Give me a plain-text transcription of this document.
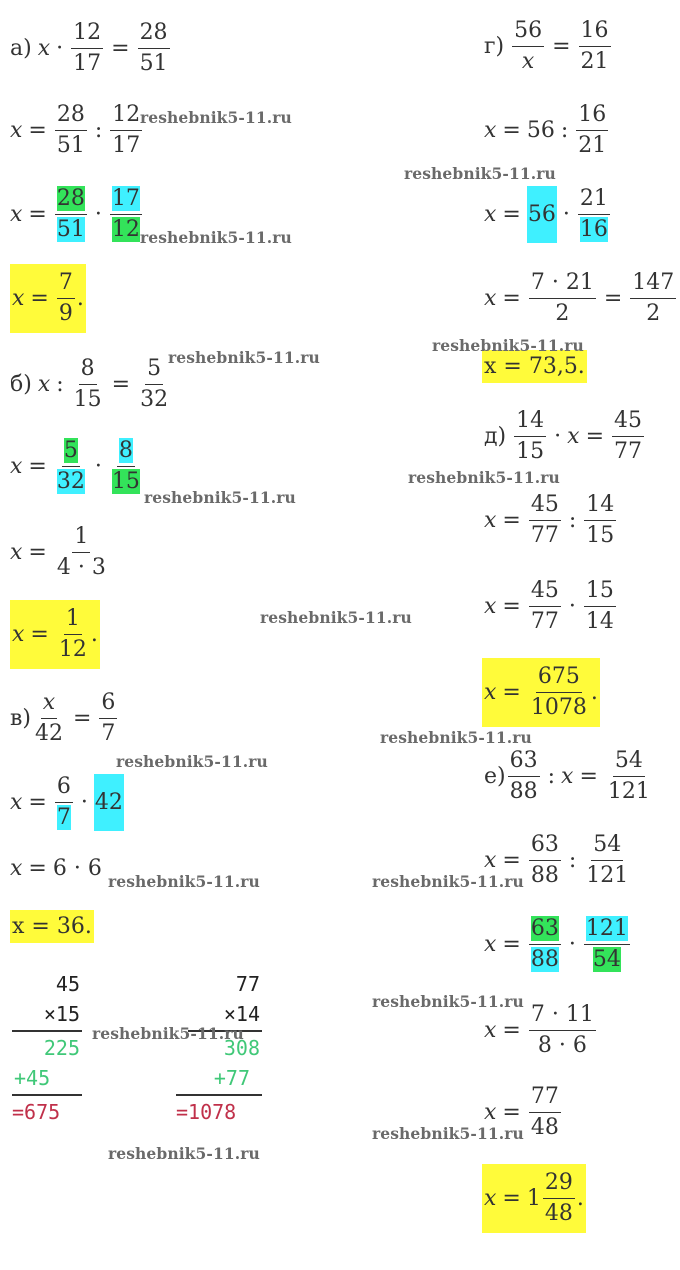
а) $x \cdot \frac{12}{17} = \frac{28}{51}$
$x = \frac{28}{51}$ : $\frac{12}{17}$
$x = \frac{28}{51} \cdot \frac{17}{12}$
$x = \frac{7}{9}$ .
б) x : $\frac{8}{15} = \frac{5}{32}$
$x = \frac{5}{32} \cdot \frac{8}{15}$
$x = \frac{1}{4 \cdot 3}$
$x = \frac{1}{12}$ .
$в) \frac{x}{42} = \frac{6}{7}$
$x = \frac{6}{7} \cdot 42$
x = 6 · 6
x = 36.
45
×15
225
+45
=675
77
×14
308
+77
=1078
$г) \frac{56}{x} = \frac{16}{21}$
x = 56 : $\frac{16}{21}$
$x = 56 \cdot \frac{21}{16}$
$x = \frac{7 \cdot 21}{2} = \frac{147}{2}$
x = 73,5.
$д) \frac{14}{15} \cdot x = \frac{45}{77}$
$x = \frac{45}{77}$ : $\frac{14}{15}$
$x = \frac{45}{77} \cdot \frac{15}{14}$
$x = \frac{675}{1078}$ .
$е) \frac{63}{88}$ : $x = \frac{54}{121}$
$x = \frac{63}{88}$ : $\frac{54}{121}$
$x = \frac{63}{88} \cdot \frac{121}{54}$
$x = \frac{7 \cdot 11}{8 \cdot 6}$
$x = \frac{77}{48}$
$x = 1 \frac{29}{48}$ .
reshebnik5-11.ru
reshebnik5-11.ru
reshebnik5-11.ru
reshebnik5-11.ru
reshebnik5-11.ru
reshebnik5-11.ru
reshebnik5-11.ru
reshebnik5-11.ru
reshebnik5-11.ru
reshebnik5-11.ru
reshebnik5-11.ru	reshebnik5-11.ru
reshebnik5-11.ru
reshebnik5-11.ru
reshebnik5-11.ru
reshebnik5-11.ru
